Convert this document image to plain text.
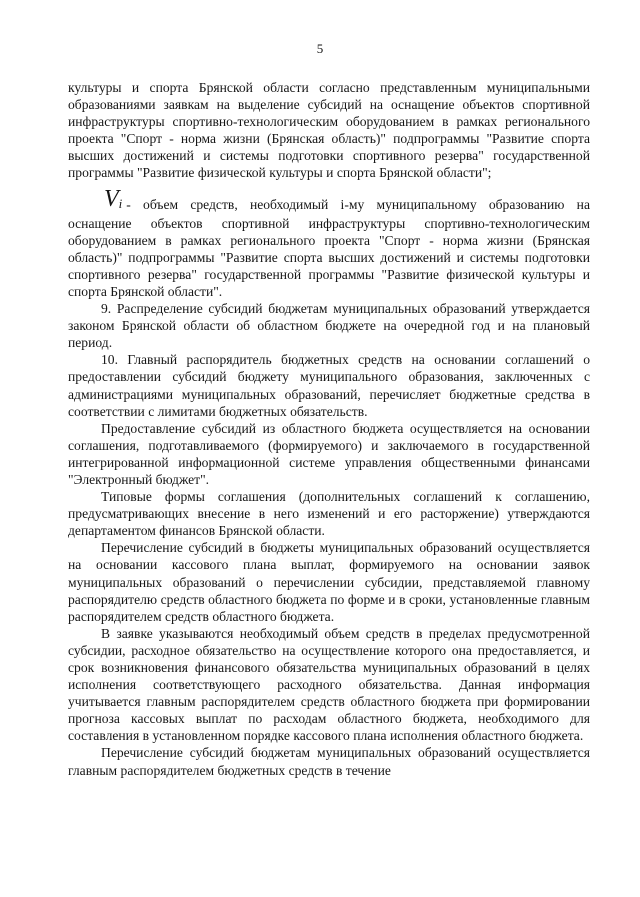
5

культуры и спорта Брянской области согласно представленным муниципальными образованиями заявкам на выделение субсидий на оснащение объектов спортивной инфраструктуры спортивно-технологическим оборудованием в рамках регионального проекта "Спорт - норма жизни (Брянская область)" подпрограммы "Развитие спорта высших достижений и системы подготовки спортивного резерва" государственной программы "Развитие физической культуры и спорта Брянской области";

$V_i$ - объем средств, необходимый i-му муниципальному образованию на

оснащение объектов спортивной инфраструктуры спортивно-технологическим оборудованием в рамках регионального проекта "Спорт - норма жизни (Брянская область)" подпрограммы "Развитие спорта высших достижений и системы подготовки спортивного резерва" государственной программы "Развитие физической культуры и спорта Брянской области".

9. Распределение субсидий бюджетам муниципальных образований утверждается законом Брянской области об областном бюджете на очередной год и на плановый период.

10. Главный распорядитель бюджетных средств на основании соглашений о предоставлении субсидий бюджету муниципального образования, заключенных с администрациями муниципальных образований, перечисляет бюджетные средства в соответствии с лимитами бюджетных обязательств.

Предоставление субсидий из областного бюджета осуществляется на основании соглашения, подготавливаемого (формируемого) и заключаемого в государственной интегрированной информационной системе управления общественными финансами "Электронный бюджет".

Типовые формы соглашения (дополнительных соглашений к соглашению, предусматривающих внесение в него изменений и его расторжение) утверждаются департаментом финансов Брянской области.

Перечисление субсидий в бюджеты муниципальных образований осуществляется на основании кассового плана выплат, формируемого на основании заявок муниципальных образований о перечислении субсидии, представляемой главному распорядителю средств областного бюджета по форме и в сроки, установленные главным распорядителем средств областного бюджета.

В заявке указываются необходимый объем средств в пределах предусмотренной субсидии, расходное обязательство на осуществление которого она предоставляется, и срок возникновения финансового обязательства муниципальных образований в целях исполнения соответствующего расходного обязательства. Данная информация учитывается главным распорядителем средств областного бюджета при формировании прогноза кассовых выплат по расходам областного бюджета, необходимого для составления в установленном порядке кассового плана исполнения областного бюджета.

Перечисление субсидий бюджетам муниципальных образований осуществляется главным распорядителем бюджетных средств в течение
